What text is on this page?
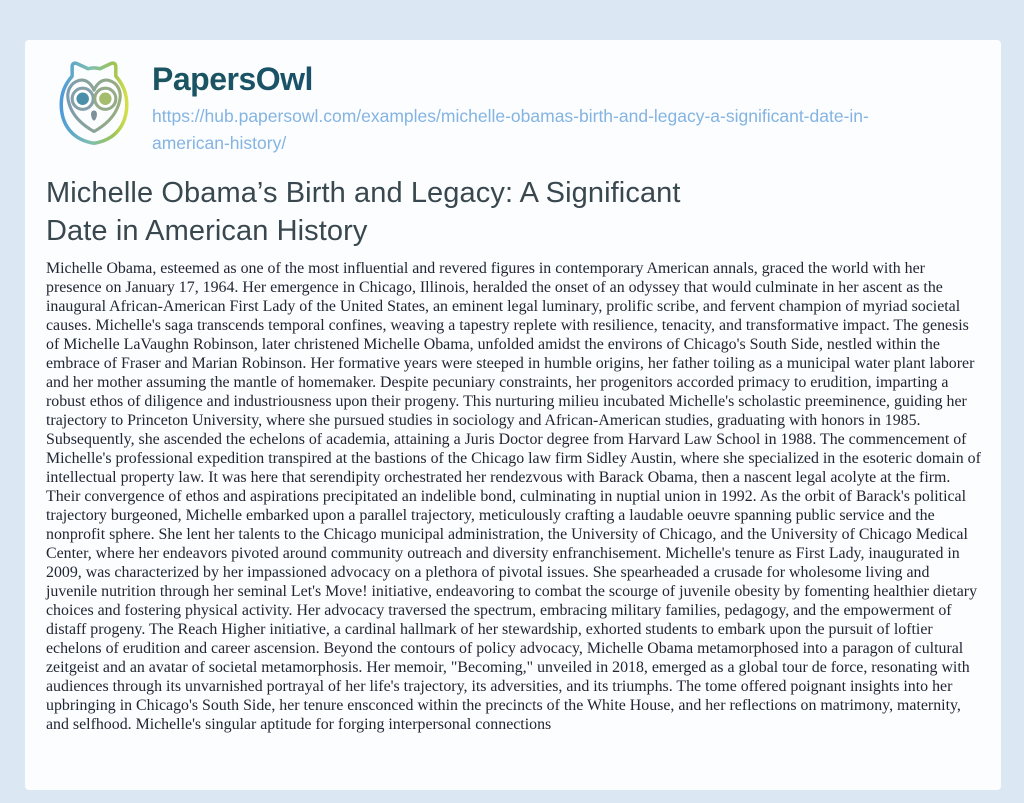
PapersOwl
https://hub.papersowl.com/examples/michelle-obamas-birth-and-legacy-a-significant-date-in-
american-history/
Michelle Obama’s Birth and Legacy: A Significant Date in American History

Michelle Obama, esteemed as one of the most influential and revered figures in contemporary American annals, graced the world with her presence on January 17, 1964. Her emergence in Chicago, Illinois, heralded the onset of an odyssey that would culminate in her ascent as the inaugural African-American First Lady of the United States, an eminent legal luminary, prolific scribe, and fervent champion of myriad societal causes. Michelle's saga transcends temporal confines, weaving a tapestry replete with resilience, tenacity, and transformative impact. The genesis of Michelle LaVaughn Robinson, later christened Michelle Obama, unfolded amidst the environs of Chicago's South Side, nestled within the embrace of Fraser and Marian Robinson. Her formative years were steeped in humble origins, her father toiling as a municipal water plant laborer and her mother assuming the mantle of homemaker. Despite pecuniary constraints, her progenitors accorded primacy to erudition, imparting a robust ethos of diligence and industriousness upon their progeny. This nurturing milieu incubated Michelle's scholastic preeminence, guiding her trajectory to Princeton University, where she pursued studies in sociology and African-American studies, graduating with honors in 1985. Subsequently, she ascended the echelons of academia, attaining a Juris Doctor degree from Harvard Law School in 1988. The commencement of Michelle's professional expedition transpired at the bastions of the Chicago law firm Sidley Austin, where she specialized in the esoteric domain of intellectual property law. It was here that serendipity orchestrated her rendezvous with Barack Obama, then a nascent legal acolyte at the firm. Their convergence of ethos and aspirations precipitated an indelible bond, culminating in nuptial union in 1992. As the orbit of Barack's political trajectory burgeoned, Michelle embarked upon a parallel trajectory, meticulously crafting a laudable oeuvre spanning public service and the nonprofit sphere. She lent her talents to the Chicago municipal administration, the University of Chicago, and the University of Chicago Medical Center, where her endeavors pivoted around community outreach and diversity enfranchisement. Michelle's tenure as First Lady, inaugurated in 2009, was characterized by her impassioned advocacy on a plethora of pivotal issues. She spearheaded a crusade for wholesome living and juvenile nutrition through her seminal Let's Move! initiative, endeavoring to combat the scourge of juvenile obesity by fomenting healthier dietary choices and fostering physical activity. Her advocacy traversed the spectrum, embracing military families, pedagogy, and the empowerment of distaff progeny. The Reach Higher initiative, a cardinal hallmark of her stewardship, exhorted students to embark upon the pursuit of loftier echelons of erudition and career ascension. Beyond the contours of policy advocacy, Michelle Obama metamorphosed into a paragon of cultural zeitgeist and an avatar of societal metamorphosis. Her memoir, "Becoming," unveiled in 2018, emerged as a global tour de force, resonating with audiences through its unvarnished portrayal of her life's trajectory, its adversities, and its triumphs. The tome offered poignant insights into her upbringing in Chicago's South Side, her tenure ensconced within the precincts of the White House, and her reflections on matrimony, maternity, and selfhood. Michelle's singular aptitude for forging interpersonal connections
